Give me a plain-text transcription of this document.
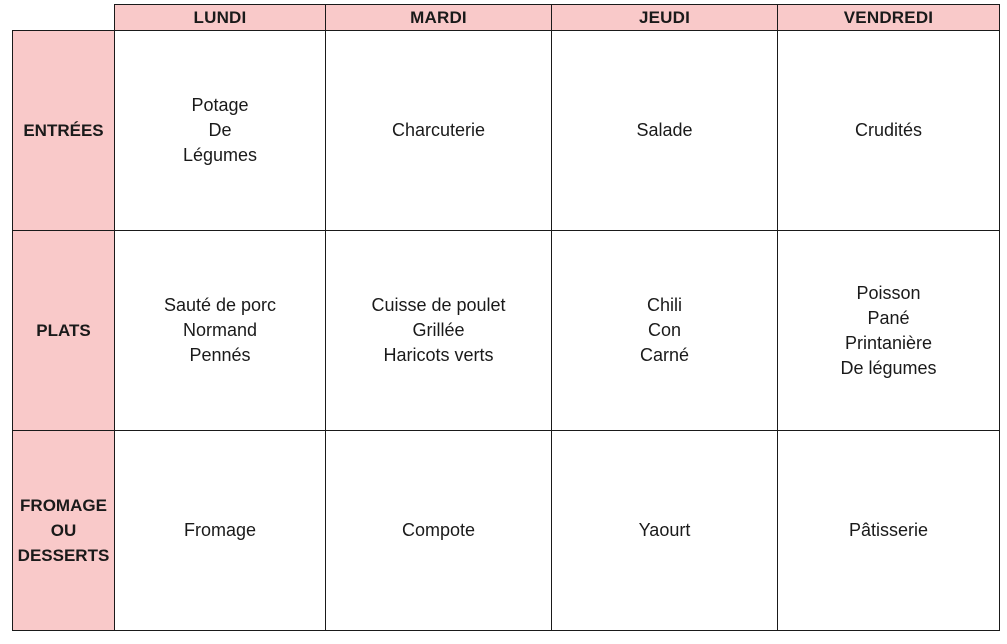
	LUNDI	MARDI	JEUDI	VENDREDI

ENTRÉES	Potage
De
Légumes	Charcuterie	Salade	Crudités

PLATS	Sauté de porc
Normand
Pennés	Cuisse de poulet
Grillée
Haricots verts	Chili
Con
Carné	Poisson
Pané
Printanière
De légumes

FROMAGE
OU
DESSERTS	Fromage	Compote	Yaourt	Pâtisserie
